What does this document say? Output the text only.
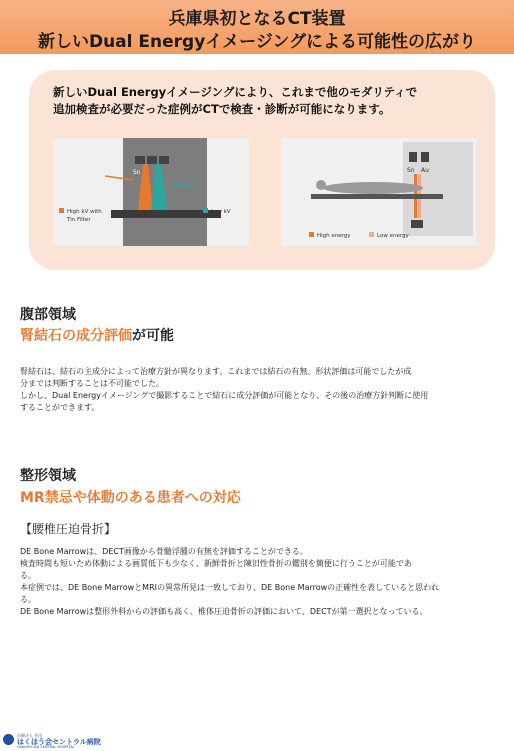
兵庫県初となるCT装置
新しいDual Energyイメージングによる可能性の広がり
新しいDual Energyイメージングにより、これまで他のモダリティで
追加検査が必要だった症例がCTで検査・診断が可能になります。
Sn
High kV with
Tin Filter
Low kV
Sn Au
High energy	Low energy
腹部領域
腎結石の成分評価が可能

腎結石は、結石の主成分によって治療方針が異なります。これまでは結石の有無、形状評価は可能でしたが成

分までは判断することは不可能でした。

しかし、Dual Energyイメージングで撮影することで結石に成分評価が可能となり、その後の治療方針判断に使用

することができます。

整形領域
MR禁忌や体動のある患者への対応
【腰椎圧迫骨折】

DE Bone Marrowは、DECT画像から骨髄浮腫の有無を評価することができる。

検査時間も短いため体動による画質低下も少なく、新鮮骨折と陳旧性骨折の鑑別を簡便に行うことが可能であ

る。

本症例では、DE Bone MarrowとMRIの異常所見は一致しており、DE Bone Marrowの正確性を表していると思われ

る。

DE Bone Marrowは整形外科からの評価も高く、椎体圧迫骨折の評価において、DECTが第一選択となっている。

医療法人 社団
はくほう会セントラル病院
HAKUHO-KAI CENTRAL HOSPITAL
